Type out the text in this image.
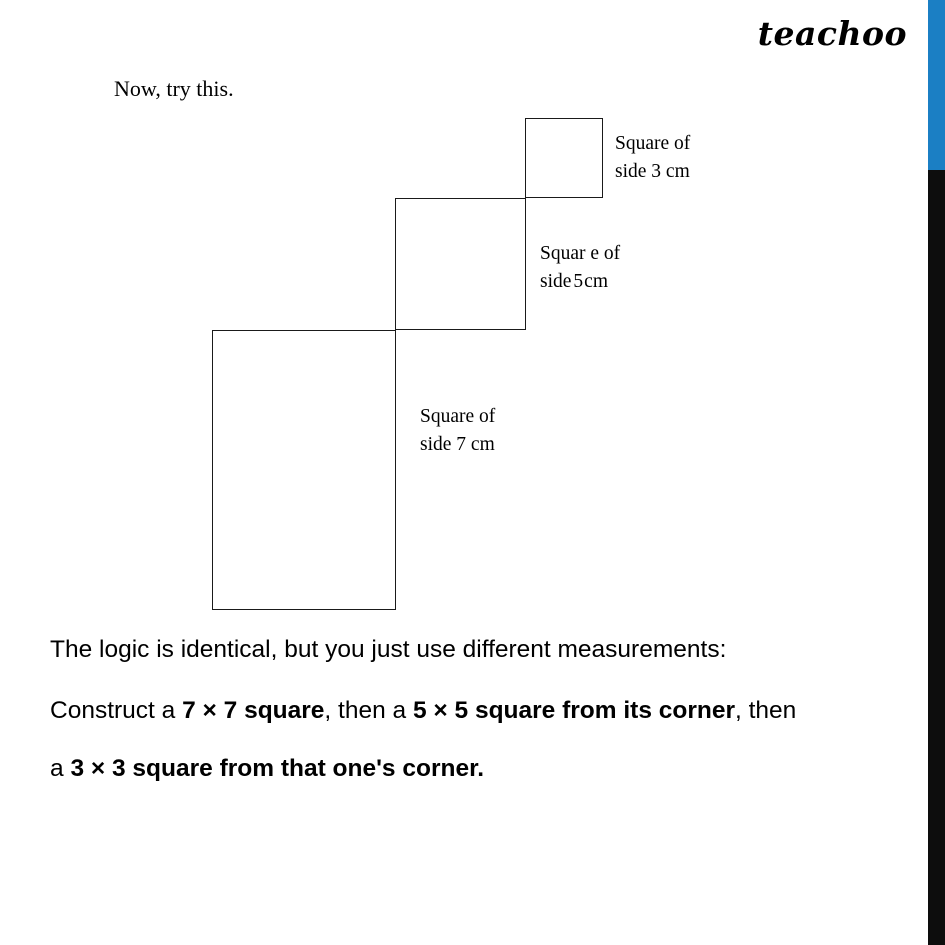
teachoo
Now, try this.
Square of
side 3 cm
Squar e of
side 5cm
Square of
side 7 cm

The logic is identical, but you just use different measurements:

Construct a 7 × 7 square, then a 5 × 5 square from its corner, then

a 3 × 3 square from that one's corner.
